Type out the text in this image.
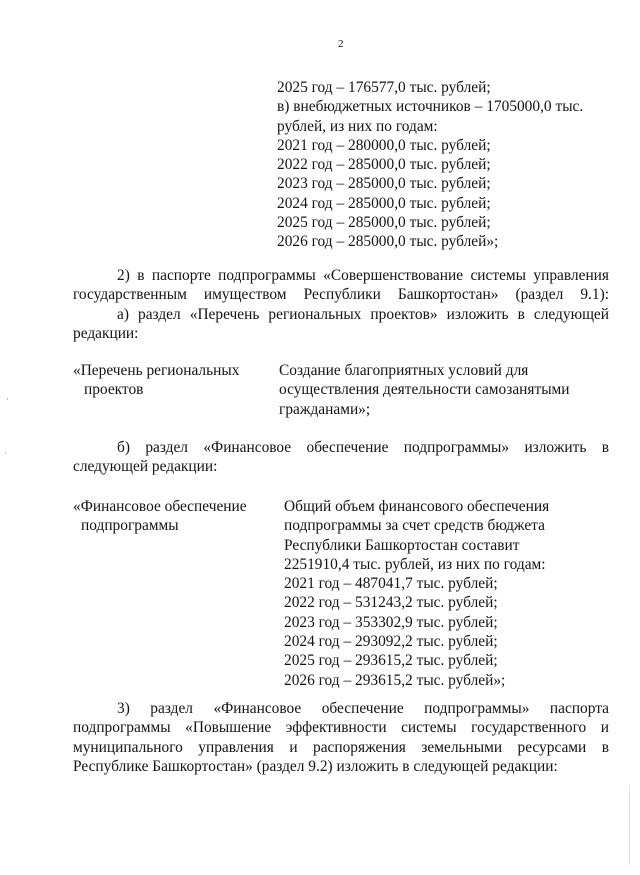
2
2025 год – 176577,0 тыс. рублей;
в) внебюджетных источников – 1705000,0 тыс.
рублей, из них по годам:
2021 год – 280000,0 тыс. рублей;
2022 год – 285000,0 тыс. рублей;
2023 год – 285000,0 тыс. рублей;
2024 год – 285000,0 тыс. рублей;
2025 год – 285000,0 тыс. рублей;
2026 год – 285000,0 тыс. рублей»;
2) в паспорте подпрограммы «Совершенствование системы управления
государственным имуществом Республики Башкортостан» (раздел 9.1):
а) раздел «Перечень региональных проектов» изложить в следующей
редакции:
«Перечень региональных
проектов
Создание благоприятных условий для
осуществления деятельности самозанятыми
гражданами»;
б) раздел «Финансовое обеспечение подпрограммы» изложить в
следующей редакции:
«Финансовое обеспечение
подпрограммы
Общий объем финансового обеспечения
подпрограммы за счет средств бюджета
Республики Башкортостан составит
2251910,4 тыс. рублей, из них по годам:
2021 год – 487041,7 тыс. рублей;
2022 год – 531243,2 тыс. рублей;
2023 год – 353302,9 тыс. рублей;
2024 год – 293092,2 тыс. рублей;
2025 год – 293615,2 тыс. рублей;
2026 год – 293615,2 тыс. рублей»;
3) раздел «Финансовое обеспечение подпрограммы» паспорта
подпрограммы «Повышение эффективности системы государственного и
муниципального управления и распоряжения земельными ресурсами в
Республике Башкортостан» (раздел 9.2) изложить в следующей редакции:
